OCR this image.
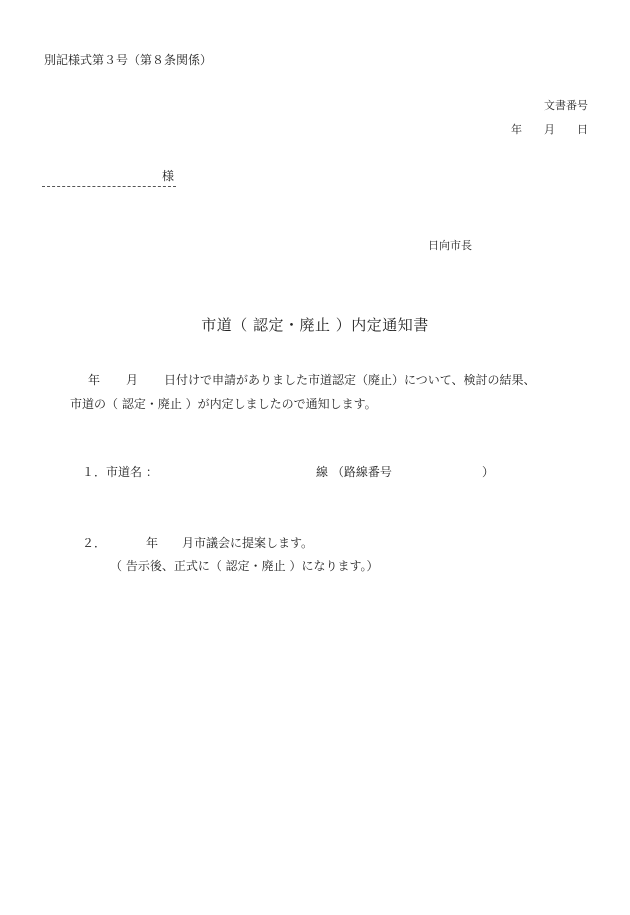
別記様式第３号（第８条関係）
文書番号
年 月 日
様
日向市長
市道（ 認定・廃止 ）内定通知書
年 月 日付けで申請がありました市道認定（廃止）について、検討の結果、
市道の（ 認定・廃止 ）が内定しましたので通知します。
１．市道名 ：	線 （路線番号	）
２．	年 月市議会に提案します。
（ 告示後、正式に（ 認定・廃止 ）になります。）
